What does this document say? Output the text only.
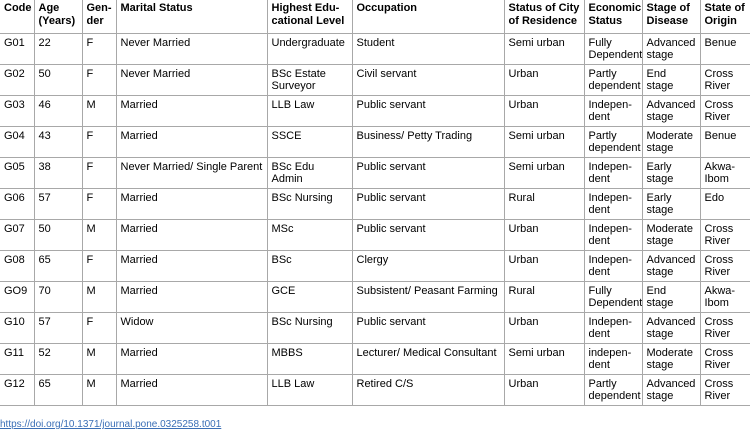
Code	Age (Years)	Gen-der	Marital Status	Highest Edu-cational Level	Occupation	Status of City of Residence	Economic Status	Stage of Disease	State of Origin
G01	22	F	Never Married	Undergraduate	Student	Semi urban	Fully Dependent	Advanced stage	Benue
G02	50	F	Never Married	BSc Estate Surveyor	Civil servant	Urban	Partly dependent	End stage	Cross River
G03	46	M	Married	LLB Law	Public servant	Urban	Indepen-dent	Advanced stage	Cross River
G04	43	F	Married	SSCE	Business/ Petty Trading	Semi urban	Partly dependent	Moderate stage	Benue
G05	38	F	Never Married/ Single Parent	BSc Edu Admin	Public servant	Semi urban	Indepen-dent	Early stage	Akwa-Ibom
G06	57	F	Married	BSc Nursing	Public servant	Rural	Indepen-dent	Early stage	Edo
G07	50	M	Married	MSc	Public servant	Urban	Indepen-dent	Moderate stage	Cross River
G08	65	F	Married	BSc	Clergy	Urban	Indepen-dent	Advanced stage	Cross River
GO9	70	M	Married	GCE	Subsistent/ Peasant Farming	Rural	Fully Dependent	End stage	Akwa-Ibom
G10	57	F	Widow	BSc Nursing	Public servant	Urban	Indepen-dent	Advanced stage	Cross River
G11	52	M	Married	MBBS	Lecturer/ Medical Consultant	Semi urban	indepen-dent	Moderate stage	Cross River
G12	65	M	Married	LLB Law	Retired C/S	Urban	Partly dependent	Advanced stage	Cross River
https://doi.org/10.1371/journal.pone.0325258.t001
